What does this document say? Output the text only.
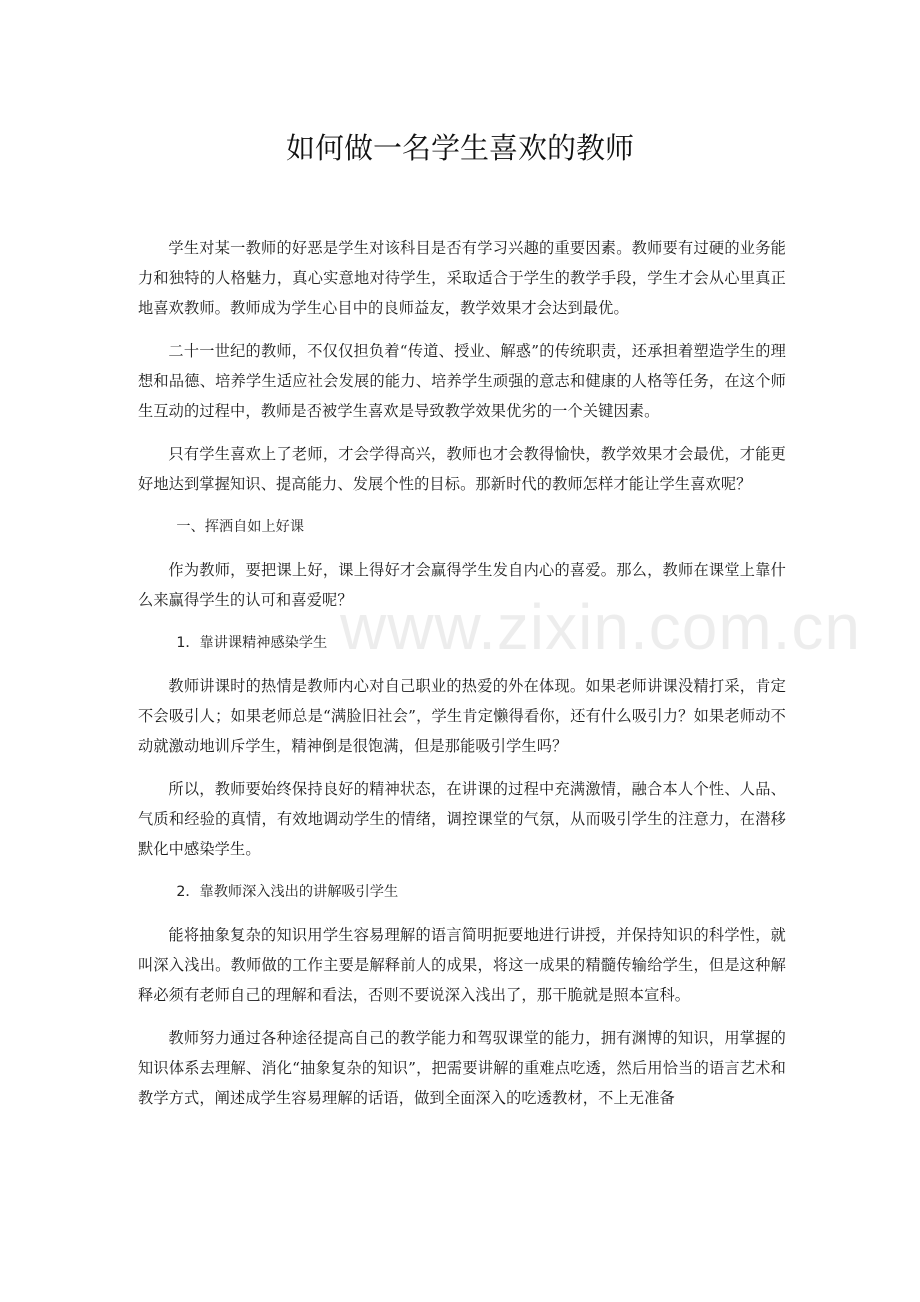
www.zixin.com.cn
如何做一名学生喜欢的教师

学生对某一教师的好恶是学生对该科目是否有学习兴趣的重要因素。教师要有过硬的业务能力和独特的人格魅力，真心实意地对待学生，采取适合于学生的教学手段，学生才会从心里真正地喜欢教师。教师成为学生心目中的良师益友，教学效果才会达到最优。

二十一世纪的教师，不仅仅担负着“传道、授业、解惑”的传统职责，还承担着塑造学生的理想和品德、培养学生适应社会发展的能力、培养学生顽强的意志和健康的人格等任务，在这个师生互动的过程中，教师是否被学生喜欢是导致教学效果优劣的一个关键因素。

只有学生喜欢上了老师，才会学得高兴，教师也才会教得愉快，教学效果才会最优，才能更好地达到掌握知识、提高能力、发展个性的目标。那新时代的教师怎样才能让学生喜欢呢？

一、挥洒自如上好课

作为教师，要把课上好，课上得好才会赢得学生发自内心的喜爱。那么，教师在课堂上靠什么来赢得学生的认可和喜爱呢？

1．靠讲课精神感染学生

教师讲课时的热情是教师内心对自己职业的热爱的外在体现。如果老师讲课没精打采，肯定不会吸引人；如果老师总是“满脸旧社会”，学生肯定懒得看你，还有什么吸引力？如果老师动不动就激动地训斥学生，精神倒是很饱满，但是那能吸引学生吗？

所以，教师要始终保持良好的精神状态，在讲课的过程中充满激情，融合本人个性、人品、气质和经验的真情，有效地调动学生的情绪，调控课堂的气氛，从而吸引学生的注意力，在潜移默化中感染学生。

2．靠教师深入浅出的讲解吸引学生

能将抽象复杂的知识用学生容易理解的语言简明扼要地进行讲授，并保持知识的科学性，就叫深入浅出。教师做的工作主要是解释前人的成果，将这一成果的精髓传输给学生，但是这种解释必须有老师自己的理解和看法，否则不要说深入浅出了，那干脆就是照本宣科。

教师努力通过各种途径提高自己的教学能力和驾驭课堂的能力，拥有渊博的知识，用掌握的知识体系去理解、消化“抽象复杂的知识”，把需要讲解的重难点吃透，然后用恰当的语言艺术和教学方式，阐述成学生容易理解的话语，做到全面深入的吃透教材，不上无准备
